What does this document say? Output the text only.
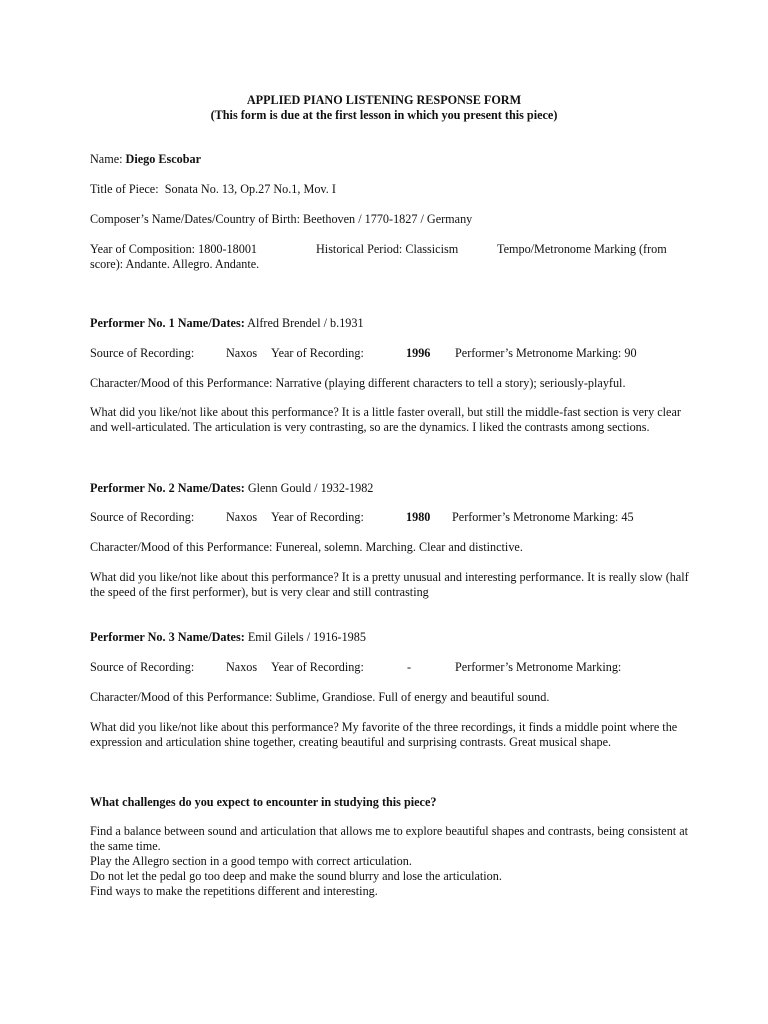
APPLIED PIANO LISTENING RESPONSE FORM
(This form is due at the first lesson in which you present this piece)
Name: Diego Escobar
Title of Piece: Sonata No. 13, Op.27 No.1, Mov. I
Composer’s Name/Dates/Country of Birth: Beethoven / 1770-1827 / Germany
Year of Composition: 1800-18001	Historical Period: Classicism	Tempo/Metronome Marking (from
score): Andante. Allegro. Andante.
Performer No. 1 Name/Dates: Alfred Brendel / b.1931
Source of Recording:	Naxos Year of Recording:	1996 Performer’s Metronome Marking: 90
Character/Mood of this Performance: Narrative (playing different characters to tell a story); seriously-playful.
What did you like/not like about this performance? It is a little faster overall, but still the middle-fast section is very clear and well-articulated. The articulation is very contrasting, so are the dynamics. I liked the contrasts among sections.
Performer No. 2 Name/Dates: Glenn Gould / 1932-1982
Source of Recording:	Naxos Year of Recording:	1980 Performer’s Metronome Marking: 45
Character/Mood of this Performance: Funereal, solemn. Marching. Clear and distinctive.
What did you like/not like about this performance? It is a pretty unusual and interesting performance. It is really slow (half the speed of the first performer), but is very clear and still contrasting
Performer No. 3 Name/Dates: Emil Gilels / 1916-1985
Source of Recording:	Naxos Year of Recording:	-	Performer’s Metronome Marking:
Character/Mood of this Performance: Sublime, Grandiose. Full of energy and beautiful sound.
What did you like/not like about this performance? My favorite of the three recordings, it finds a middle point where the expression and articulation shine together, creating beautiful and surprising contrasts. Great musical shape.
What challenges do you expect to encounter in studying this piece?
Find a balance between sound and articulation that allows me to explore beautiful shapes and contrasts, being consistent at the same time.
Play the Allegro section in a good tempo with correct articulation.
Do not let the pedal go too deep and make the sound blurry and lose the articulation.
Find ways to make the repetitions different and interesting.
